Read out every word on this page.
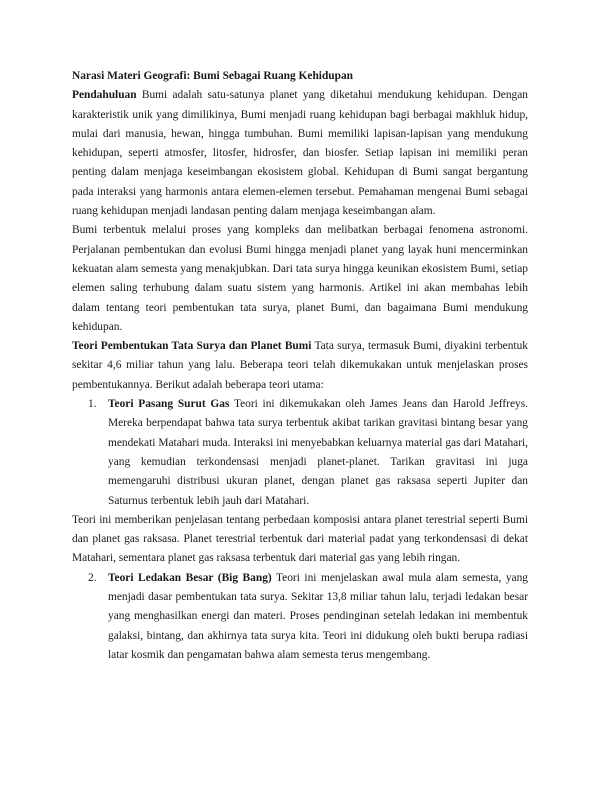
Narasi Materi Geografi: Bumi Sebagai Ruang Kehidupan

Pendahuluan Bumi adalah satu-satunya planet yang diketahui mendukung kehidupan. Dengan karakteristik unik yang dimilikinya, Bumi menjadi ruang kehidupan bagi berbagai makhluk hidup, mulai dari manusia, hewan, hingga tumbuhan. Bumi memiliki lapisan-lapisan yang mendukung kehidupan, seperti atmosfer, litosfer, hidrosfer, dan biosfer. Setiap lapisan ini memiliki peran penting dalam menjaga keseimbangan ekosistem global. Kehidupan di Bumi sangat bergantung pada interaksi yang harmonis antara elemen-elemen tersebut. Pemahaman mengenai Bumi sebagai ruang kehidupan menjadi landasan penting dalam menjaga keseimbangan alam.

Bumi terbentuk melalui proses yang kompleks dan melibatkan berbagai fenomena astronomi. Perjalanan pembentukan dan evolusi Bumi hingga menjadi planet yang layak huni mencerminkan kekuatan alam semesta yang menakjubkan. Dari tata surya hingga keunikan ekosistem Bumi, setiap elemen saling terhubung dalam suatu sistem yang harmonis. Artikel ini akan membahas lebih dalam tentang teori pembentukan tata surya, planet Bumi, dan bagaimana Bumi mendukung kehidupan.

Teori Pembentukan Tata Surya dan Planet Bumi Tata surya, termasuk Bumi, diyakini terbentuk sekitar 4,6 miliar tahun yang lalu. Beberapa teori telah dikemukakan untuk menjelaskan proses pembentukannya. Berikut adalah beberapa teori utama:

1. Teori Pasang Surut Gas Teori ini dikemukakan oleh James Jeans dan Harold Jeffreys. Mereka berpendapat bahwa tata surya terbentuk akibat tarikan gravitasi bintang besar yang mendekati Matahari muda. Interaksi ini menyebabkan keluarnya material gas dari Matahari, yang kemudian terkondensasi menjadi planet-planet. Tarikan gravitasi ini juga memengaruhi distribusi ukuran planet, dengan planet gas raksasa seperti Jupiter dan Saturnus terbentuk lebih jauh dari Matahari.

Teori ini memberikan penjelasan tentang perbedaan komposisi antara planet terestrial seperti Bumi dan planet gas raksasa. Planet terestrial terbentuk dari material padat yang terkondensasi di dekat Matahari, sementara planet gas raksasa terbentuk dari material gas yang lebih ringan.

2. Teori Ledakan Besar (Big Bang) Teori ini menjelaskan awal mula alam semesta, yang menjadi dasar pembentukan tata surya. Sekitar 13,8 miliar tahun lalu, terjadi ledakan besar yang menghasilkan energi dan materi. Proses pendinginan setelah ledakan ini membentuk galaksi, bintang, dan akhirnya tata surya kita. Teori ini didukung oleh bukti berupa radiasi latar kosmik dan pengamatan bahwa alam semesta terus mengembang.
